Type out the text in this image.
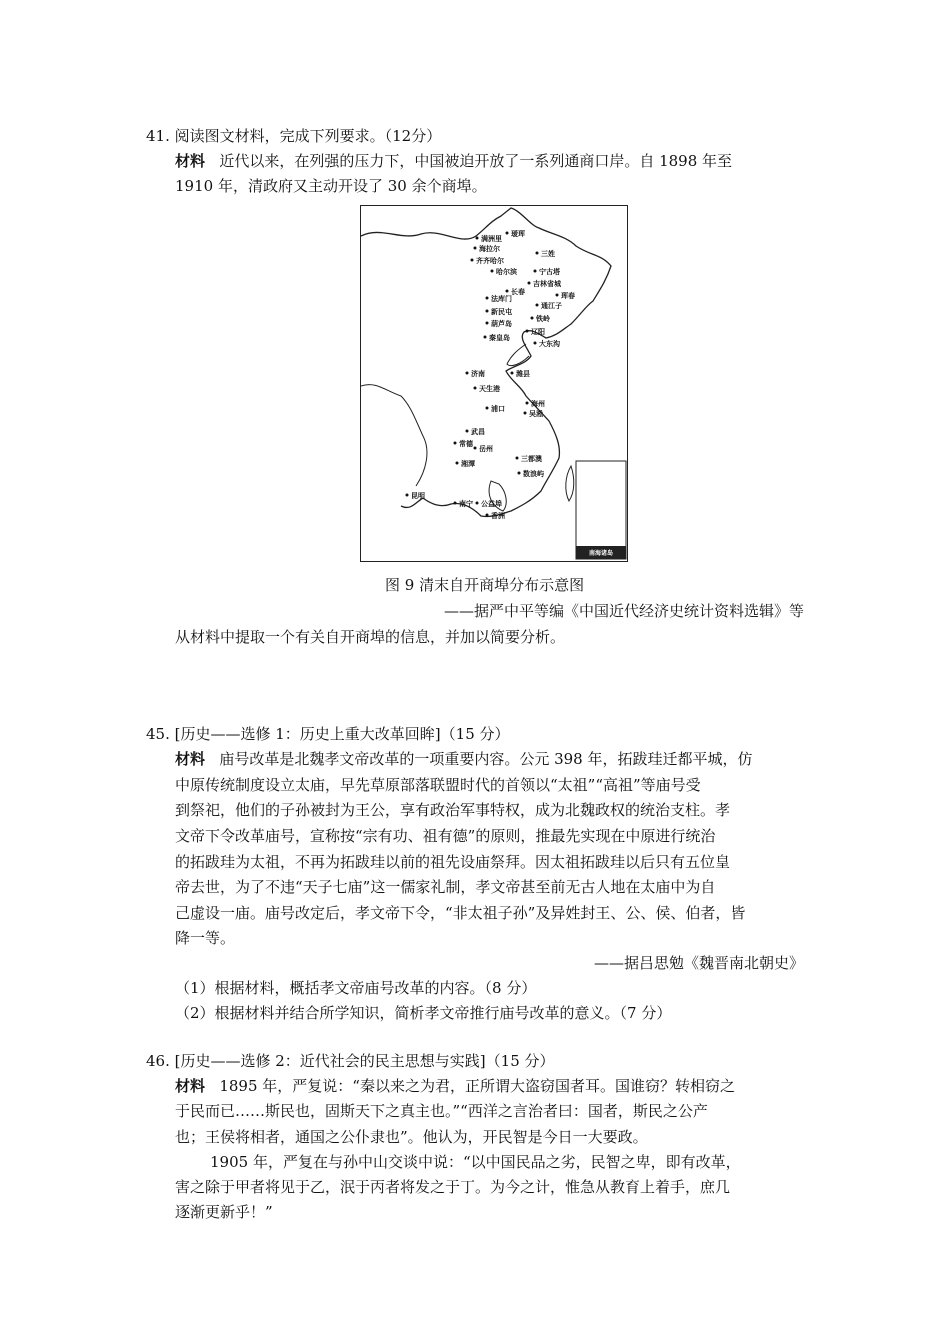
41. 阅读图文材料，完成下列要求。（12分）
材料 近代以来，在列强的压力下，中国被迫开放了一系列通商口岸。自 1898 年至
1910 年，清政府又主动开设了 30 余个商埠。
南海诸岛
满洲里
海拉尔
瑷珲
齐齐哈尔
哈尔滨
三姓
宁古塔
吉林省城
长春	珲春
法库门
通江子
新民屯
铁岭
葫芦岛
辽阳
秦皇岛
大东沟
济南	潍县
天生港
海州
浦口
吴淞
武昌
岳州
常德
湘潭
三都澳
数浪屿
昆明
南宁 公益埠
香洲
图 9 清末自开商埠分布示意图
——据严中平等编《中国近代经济史统计资料选辑》等
从材料中提取一个有关自开商埠的信息，并加以简要分析。
45. [历史——选修 1：历史上重大改革回眸]（15 分）
材料 庙号改革是北魏孝文帝改革的一项重要内容。公元 398 年，拓跋珪迁都平城，仿
中原传统制度设立太庙，早先草原部落联盟时代的首领以“太祖”“高祖”等庙号受
到祭祀，他们的子孙被封为王公，享有政治军事特权，成为北魏政权的统治支柱。孝
文帝下令改革庙号，宣称按“宗有功、祖有德”的原则，推最先实现在中原进行统治
的拓跋珪为太祖，不再为拓跋珪以前的祖先设庙祭拜。因太祖拓跋珪以后只有五位皇
帝去世，为了不违“天子七庙”这一儒家礼制，孝文帝甚至前无古人地在太庙中为自
己虚设一庙。庙号改定后，孝文帝下令，“非太祖子孙”及异姓封王、公、侯、伯者，皆
降一等。
——据吕思勉《魏晋南北朝史》
（1）根据材料，概括孝文帝庙号改革的内容。（8 分）
（2）根据材料并结合所学知识，简析孝文帝推行庙号改革的意义。（7 分）
46. [历史——选修 2：近代社会的民主思想与实践]（15 分）
材料 1895 年，严复说：“秦以来之为君，正所谓大盗窃国者耳。国谁窃？转相窃之
于民而已……斯民也，固斯天下之真主也。”“西洋之言治者曰：国者，斯民之公产
也；王侯将相者，通国之公仆隶也”。他认为，开民智是今日一大要政。
1905 年，严复在与孙中山交谈中说：“以中国民品之劣，民智之卑，即有改革，
害之除于甲者将见于乙，泯于丙者将发之于丁。为今之计，惟急从教育上着手，庶几
逐渐更新乎！”
